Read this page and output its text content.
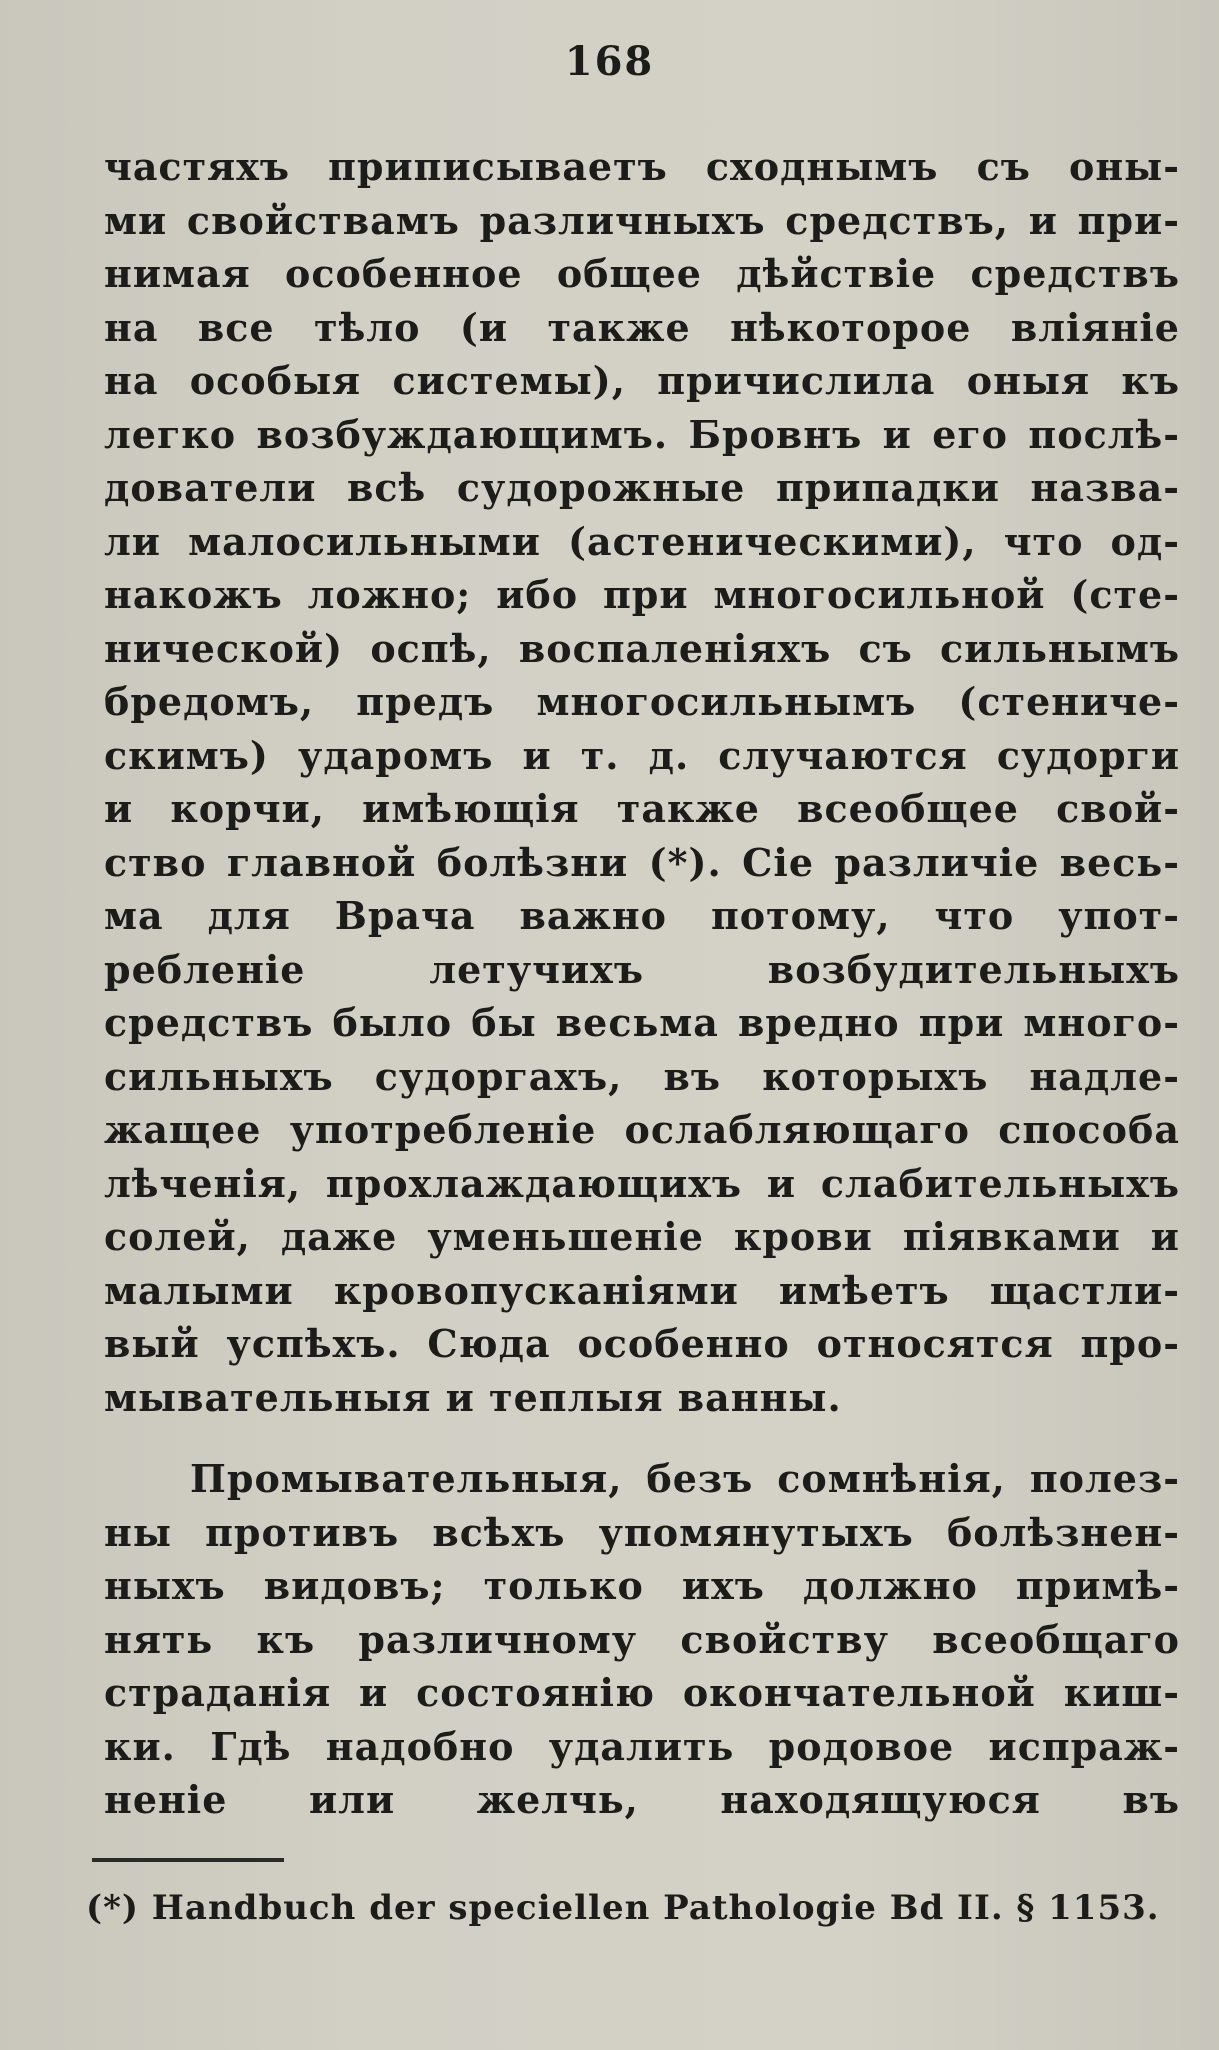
168
частяхъ приписываетъ сходнымъ съ оны-
ми свойствамъ различныхъ средствъ, и при-
нимая особенное общее дѣйствіе средствъ
на все тѣло (и также нѣкоторое вліяніе
на особыя системы), причислила оныя къ
легко возбуждающимъ. Бровнъ и его послѣ-
дователи всѣ судорожные припадки назва-
ли малосильными (астеническими), что од-
накожъ ложно; ибо при многосильной (сте-
нической) оспѣ, воспаленіяхъ съ сильнымъ
бредомъ, предъ многосильнымъ (стениче-
скимъ) ударомъ и т. д. случаются судорги
и корчи, имѣющія также всеобщее свой-
ство главной болѣзни (*). Сіе различіе весь-
ма для Врача важно потому, что упот-
ребленіе летучихъ возбудительныхъ
средствъ было бы весьма вредно при много-
сильныхъ судоргахъ, въ которыхъ надле-
жащее употребленіе ослабляющаго способа
лѣченія, прохлаждающихъ и слабительныхъ
солей, даже уменьшеніе крови піявками и
малыми кровопусканіями имѣетъ щастли-
вый успѣхъ. Сюда особенно относятся про-
мывательныя и теплыя ванны.
Промывательныя, безъ сомнѣнія, полез-
ны противъ всѣхъ упомянутыхъ болѣзнен-
ныхъ видовъ; только ихъ должно примѣ-
нять къ различному свойству всеобщаго
страданія и состоянію окончательной киш-
ки. Гдѣ надобно удалить родовое испраж-
неніе или желчь, находящуюся въ
(*) Handbuch der speciellen Pathologie Bd II. § 1153.
